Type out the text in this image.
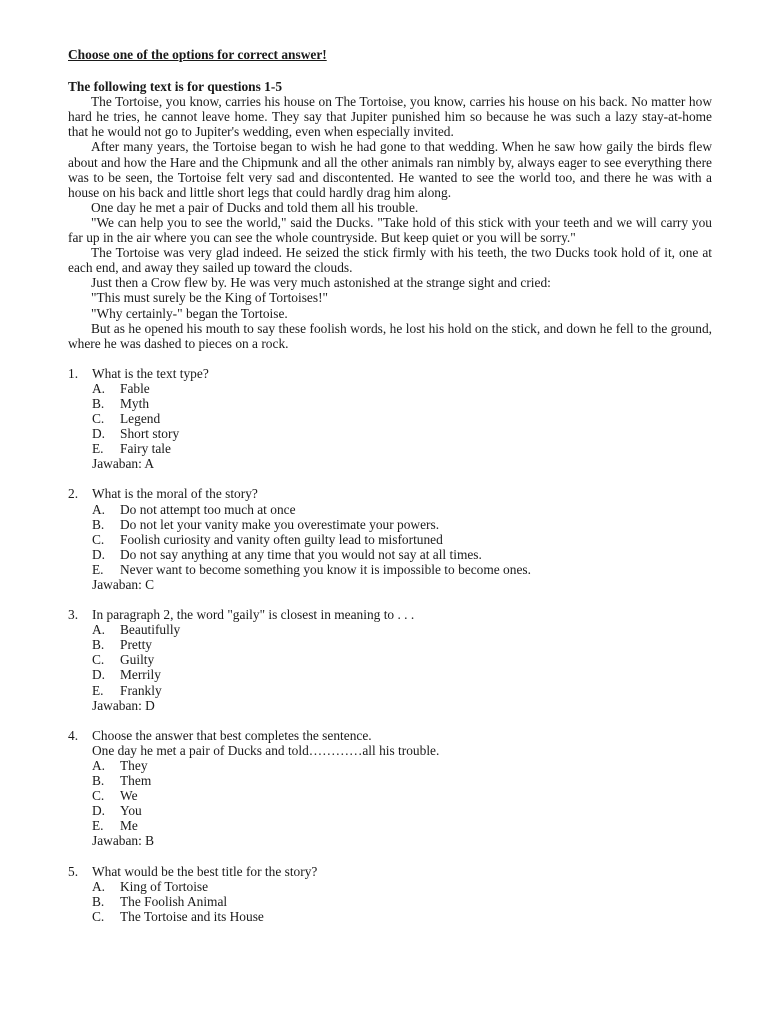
Choose one of the options for correct answer!

The following text is for questions 1-5

The Tortoise, you know, carries his house on The Tortoise, you know, carries his house on his back. No matter how hard he tries, he cannot leave home. They say that Jupiter punished him so because he was such a lazy stay-at-home that he would not go to Jupiter's wedding, even when especially invited.

After many years, the Tortoise began to wish he had gone to that wedding. When he saw how gaily the birds flew about and how the Hare and the Chipmunk and all the other animals ran nimbly by, always eager to see everything there was to be seen, the Tortoise felt very sad and discontented. He wanted to see the world too, and there he was with a house on his back and little short legs that could hardly drag him along.

One day he met a pair of Ducks and told them all his trouble.

"We can help you to see the world," said the Ducks. "Take hold of this stick with your teeth and we will carry you far up in the air where you can see the whole countryside. But keep quiet or you will be sorry."

The Tortoise was very glad indeed. He seized the stick firmly with his teeth, the two Ducks took hold of it, one at each end, and away they sailed up toward the clouds.

Just then a Crow flew by. He was very much astonished at the strange sight and cried:

"This must surely be the King of Tortoises!"

"Why certainly-" began the Tortoise.

But as he opened his mouth to say these foolish words, he lost his hold on the stick, and down he fell to the ground, where he was dashed to pieces on a rock.

1. What is the text type?

A. Fable
B. Myth
C. Legend
D. Short story
E. Fairy tale

Jawaban: A

2. What is the moral of the story?

A. Do not attempt too much at once
B. Do not let your vanity make you overestimate your powers.
C. Foolish curiosity and vanity often guilty lead to misfortuned
D. Do not say anything at any time that you would not say at all times.
E. Never want to become something you know it is impossible to become ones.

Jawaban: C

3. In paragraph 2, the word "gaily" is closest in meaning to . . .

A. Beautifully
B. Pretty
C. Guilty
D. Merrily
E. Frankly

Jawaban: D

4. Choose the answer that best completes the sentence.

One day he met a pair of Ducks and told…………all his trouble.

A. They
B. Them
C. We
D. You
E. Me

Jawaban: B

5. What would be the best title for the story?

A. King of Tortoise
B. The Foolish Animal
C. The Tortoise and its House
